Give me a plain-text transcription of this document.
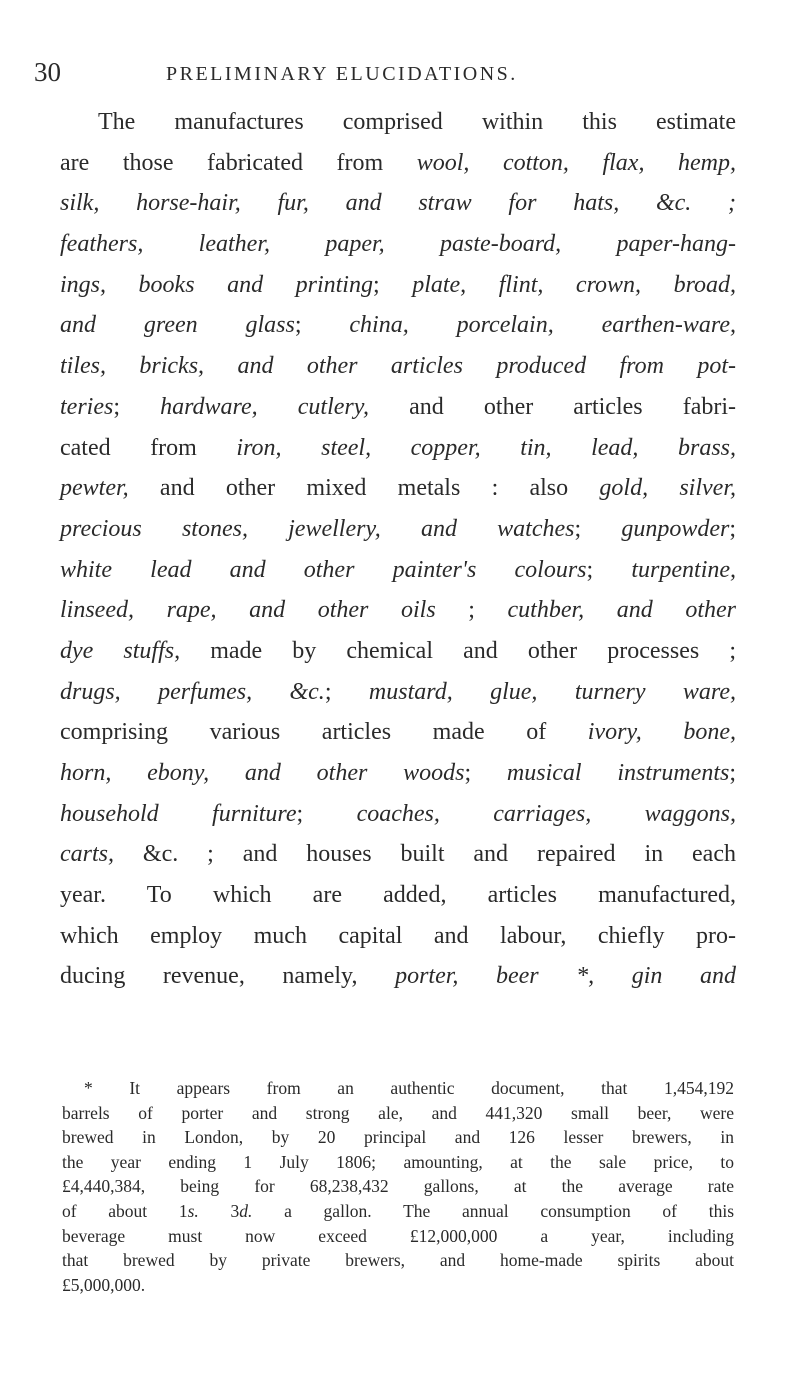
30	PRELIMINARY ELUCIDATIONS.
The manufactures comprised within this estimate
are those fabricated from wool, cotton, flax, hemp,
silk, horse-hair, fur, and straw for hats, &c. ;
feathers, leather, paper, paste-board, paper-hang-
ings, books and printing; plate, flint, crown, broad,
and green glass; china, porcelain, earthen-ware,
tiles, bricks, and other articles produced from pot-
teries; hardware, cutlery, and other articles fabri-
cated from iron, steel, copper, tin, lead, brass,
pewter, and other mixed metals : also gold, silver,
precious stones, jewellery, and watches; gunpowder;
white lead and other painter's colours; turpentine,
linseed, rape, and other oils ; cuthber, and other
dye stuffs, made by chemical and other processes ;
drugs, perfumes, &c.; mustard, glue, turnery ware,
comprising various articles made of ivory, bone,
horn, ebony, and other woods; musical instruments;
household furniture; coaches, carriages, waggons,
carts, &c. ; and houses built and repaired in each
year. To which are added, articles manufactured,
which employ much capital and labour, chiefly pro-
ducing revenue, namely, porter, beer *, gin and
* It appears from an authentic document, that 1,454,192
barrels of porter and strong ale, and 441,320 small beer, were
brewed in London, by 20 principal and 126 lesser brewers, in
the year ending 1 July 1806; amounting, at the sale price, to
£4,440,384, being for 68,238,432 gallons, at the average rate
of about 1s. 3d. a gallon. The annual consumption of this
beverage must now exceed £12,000,000 a year, including
that brewed by private brewers, and home-made spirits about
£5,000,000.
